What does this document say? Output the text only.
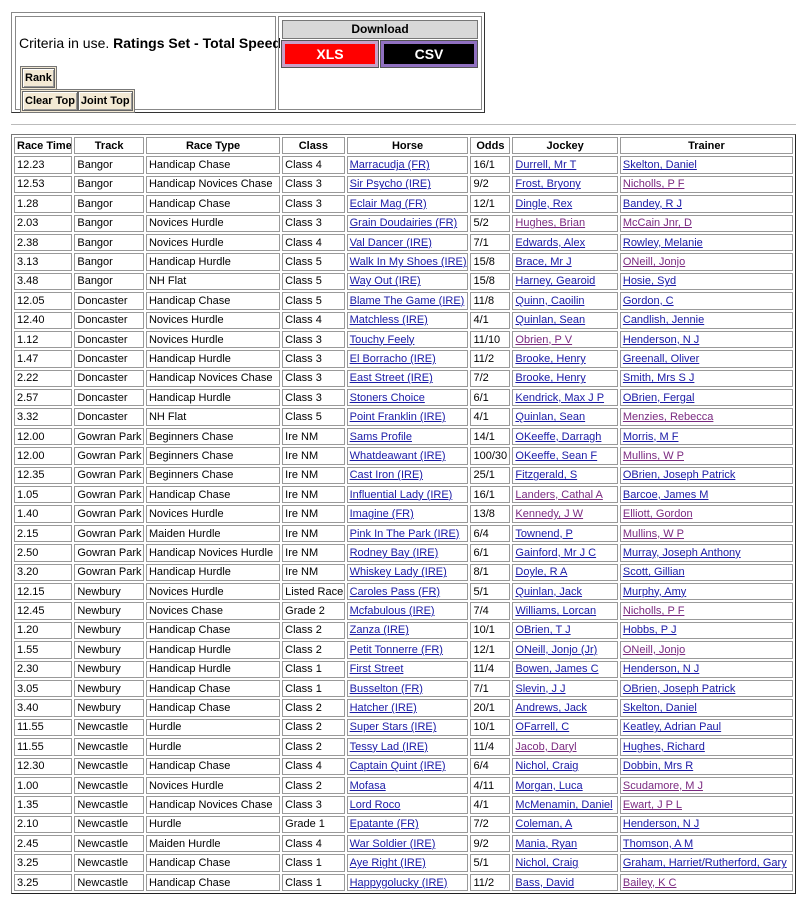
Criteria in use. Ratings Set - Total Speed
Rank
Clear Top Joint Top
Download
XLS	CSV
Race Time	Track	Race Type	Class	Horse	Odds	Jockey	Trainer
12.23	Bangor	Handicap Chase	Class 4	Marracudja (FR)	16/1	Durrell, Mr T	Skelton, Daniel
12.53	Bangor	Handicap Novices Chase	Class 3	Sir Psycho (IRE)	9/2	Frost, Bryony	Nicholls, P F
1.28	Bangor	Handicap Chase	Class 3	Eclair Mag (FR)	12/1	Dingle, Rex	Bandey, R J
2.03	Bangor	Novices Hurdle	Class 3	Grain Doudairies (FR)	5/2	Hughes, Brian	McCain Jnr, D
2.38	Bangor	Novices Hurdle	Class 4	Val Dancer (IRE)	7/1	Edwards, Alex	Rowley, Melanie
3.13	Bangor	Handicap Hurdle	Class 5	Walk In My Shoes (IRE)	15/8	Brace, Mr J	ONeill, Jonjo
3.48	Bangor	NH Flat	Class 5	Way Out (IRE)	15/8	Harney, Gearoid	Hosie, Syd
12.05	Doncaster	Handicap Chase	Class 5	Blame The Game (IRE)	11/8	Quinn, Caoilin	Gordon, C
12.40	Doncaster	Novices Hurdle	Class 4	Matchless (IRE)	4/1	Quinlan, Sean	Candlish, Jennie
1.12	Doncaster	Novices Hurdle	Class 3	Touchy Feely	11/10	Obrien, P V	Henderson, N J
1.47	Doncaster	Handicap Hurdle	Class 3	El Borracho (IRE)	11/2	Brooke, Henry	Greenall, Oliver
2.22	Doncaster	Handicap Novices Chase	Class 3	East Street (IRE)	7/2	Brooke, Henry	Smith, Mrs S J
2.57	Doncaster	Handicap Hurdle	Class 3	Stoners Choice	6/1	Kendrick, Max J P	OBrien, Fergal
3.32	Doncaster	NH Flat	Class 5	Point Franklin (IRE)	4/1	Quinlan, Sean	Menzies, Rebecca
12.00	Gowran Park	Beginners Chase	Ire NM	Sams Profile	14/1	OKeeffe, Darragh	Morris, M F
12.00	Gowran Park	Beginners Chase	Ire NM	Whatdeawant (IRE)	100/30	OKeeffe, Sean F	Mullins, W P
12.35	Gowran Park	Beginners Chase	Ire NM	Cast Iron (IRE)	25/1	Fitzgerald, S	OBrien, Joseph Patrick
1.05	Gowran Park	Handicap Chase	Ire NM	Influential Lady (IRE)	16/1	Landers, Cathal A	Barcoe, James M
1.40	Gowran Park	Novices Hurdle	Ire NM	Imagine (FR)	13/8	Kennedy, J W	Elliott, Gordon
2.15	Gowran Park	Maiden Hurdle	Ire NM	Pink In The Park (IRE)	6/4	Townend, P	Mullins, W P
2.50	Gowran Park	Handicap Novices Hurdle	Ire NM	Rodney Bay (IRE)	6/1	Gainford, Mr J C	Murray, Joseph Anthony
3.20	Gowran Park	Handicap Hurdle	Ire NM	Whiskey Lady (IRE)	8/1	Doyle, R A	Scott, Gillian
12.15	Newbury	Novices Hurdle	Listed Race	Caroles Pass (FR)	5/1	Quinlan, Jack	Murphy, Amy
12.45	Newbury	Novices Chase	Grade 2	Mcfabulous (IRE)	7/4	Williams, Lorcan	Nicholls, P F
1.20	Newbury	Handicap Chase	Class 2	Zanza (IRE)	10/1	OBrien, T J	Hobbs, P J
1.55	Newbury	Handicap Hurdle	Class 2	Petit Tonnerre (FR)	12/1	ONeill, Jonjo (Jr)	ONeill, Jonjo
2.30	Newbury	Handicap Hurdle	Class 1	First Street	11/4	Bowen, James C	Henderson, N J
3.05	Newbury	Handicap Chase	Class 1	Busselton (FR)	7/1	Slevin, J J	OBrien, Joseph Patrick
3.40	Newbury	Handicap Chase	Class 2	Hatcher (IRE)	20/1	Andrews, Jack	Skelton, Daniel
11.55	Newcastle	Hurdle	Class 2	Super Stars (IRE)	10/1	OFarrell, C	Keatley, Adrian Paul
11.55	Newcastle	Hurdle	Class 2	Tessy Lad (IRE)	11/4	Jacob, Daryl	Hughes, Richard
12.30	Newcastle	Handicap Chase	Class 4	Captain Quint (IRE)	6/4	Nichol, Craig	Dobbin, Mrs R
1.00	Newcastle	Novices Hurdle	Class 2	Mofasa	4/11	Morgan, Luca	Scudamore, M J
1.35	Newcastle	Handicap Novices Chase	Class 3	Lord Roco	4/1	McMenamin, Daniel	Ewart, J P L
2.10	Newcastle	Hurdle	Grade 1	Epatante (FR)	7/2	Coleman, A	Henderson, N J
2.45	Newcastle	Maiden Hurdle	Class 4	War Soldier (IRE)	9/2	Mania, Ryan	Thomson, A M
3.25	Newcastle	Handicap Chase	Class 1	Aye Right (IRE)	5/1	Nichol, Craig	Graham, Harriet/Rutherford, Gary
3.25	Newcastle	Handicap Chase	Class 1	Happygolucky (IRE)	11/2	Bass, David	Bailey, K C
